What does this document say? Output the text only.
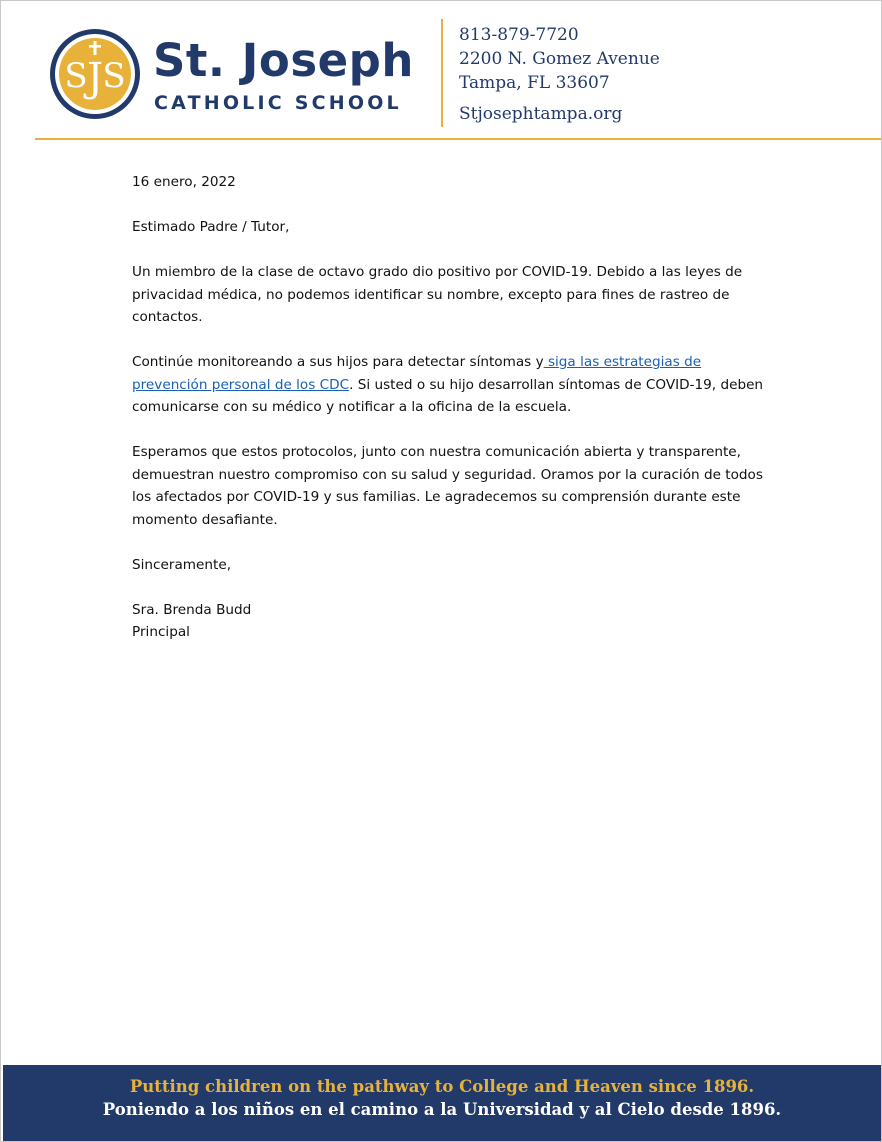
S J S St. Joseph
CATHOLIC SCHOOL
813-879-7720
2200 N. Gomez Avenue
Tampa, FL 33607
Stjosephtampa.org

16 enero, 2022

Estimado Padre / Tutor,

Un miembro de la clase de octavo grado dio positivo por COVID-19. Debido a las leyes de privacidad médica, no podemos identificar su nombre, excepto para fines de rastreo de contactos.

Continúe monitoreando a sus hijos para detectar síntomas y siga las estrategias de prevención personal de los CDC. Si usted o su hijo desarrollan síntomas de COVID-19, deben comunicarse con su médico y notificar a la oficina de la escuela.

Esperamos que estos protocolos, junto con nuestra comunicación abierta y transparente, demuestran nuestro compromiso con su salud y seguridad. Oramos por la curación de todos los afectados por COVID-19 y sus familias. Le agradecemos su comprensión durante este momento desafiante.

Sinceramente,

Sra. Brenda Budd

Principal

Putting children on the pathway to College and Heaven since 1896.
Poniendo a los niños en el camino a la Universidad y al Cielo desde 1896.
